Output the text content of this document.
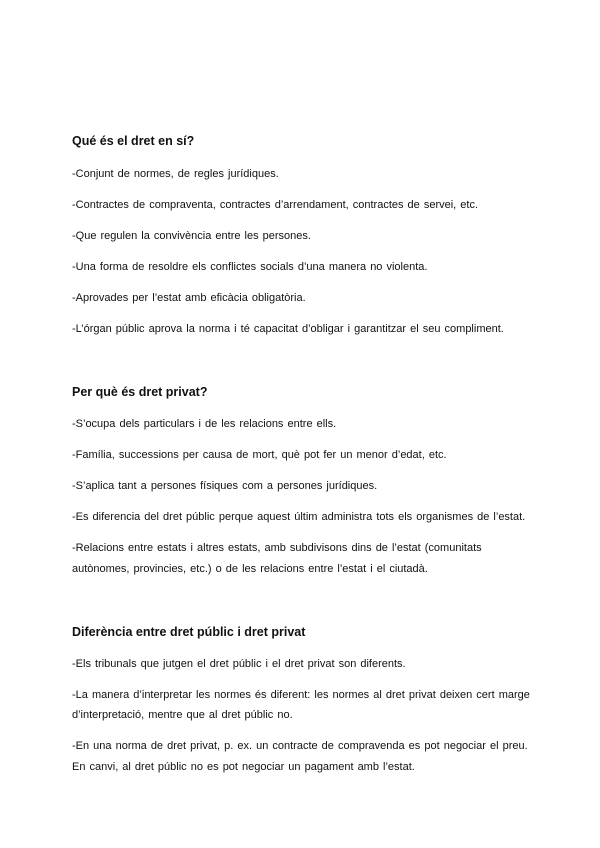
Qué és el dret en sí?
-Conjunt de normes, de regles jurídiques.
-Contractes de compraventa, contractes d’arrendament, contractes de servei, etc.
-Que regulen la convivència entre les persones.
-Una forma de resoldre els conflictes socials d’una manera no violenta.
-Aprovades per l’estat amb eficàcia obligatòria.
-L’órgan públic aprova la norma i té capacitat d’obligar i garantitzar el seu compliment.
Per què és dret privat?
-S’ocupa dels particulars i de les relacions entre ells.
-Família, successions per causa de mort, què pot fer un menor d’edat, etc.
-S’aplica tant a persones físiques com a persones jurídiques.
-Es diferencia del dret públic perque aquest últim administra tots els organismes de l’estat.
-Relacions entre estats i altres estats, amb subdivisons dins de l’estat (comunitats
autònomes, provincies, etc.) o de les relacions entre l’estat i el ciutadà.
Diferència entre dret públic i dret privat
-Els tribunals que jutgen el dret públic i el dret privat son diferents.
-La manera d’interpretar les normes és diferent: les normes al dret privat deixen cert marge
d’interpretació, mentre que al dret públic no.
-En una norma de dret privat, p. ex. un contracte de compravenda es pot negociar el preu.
En canvi, al dret públic no es pot negociar un pagament amb l’estat.
